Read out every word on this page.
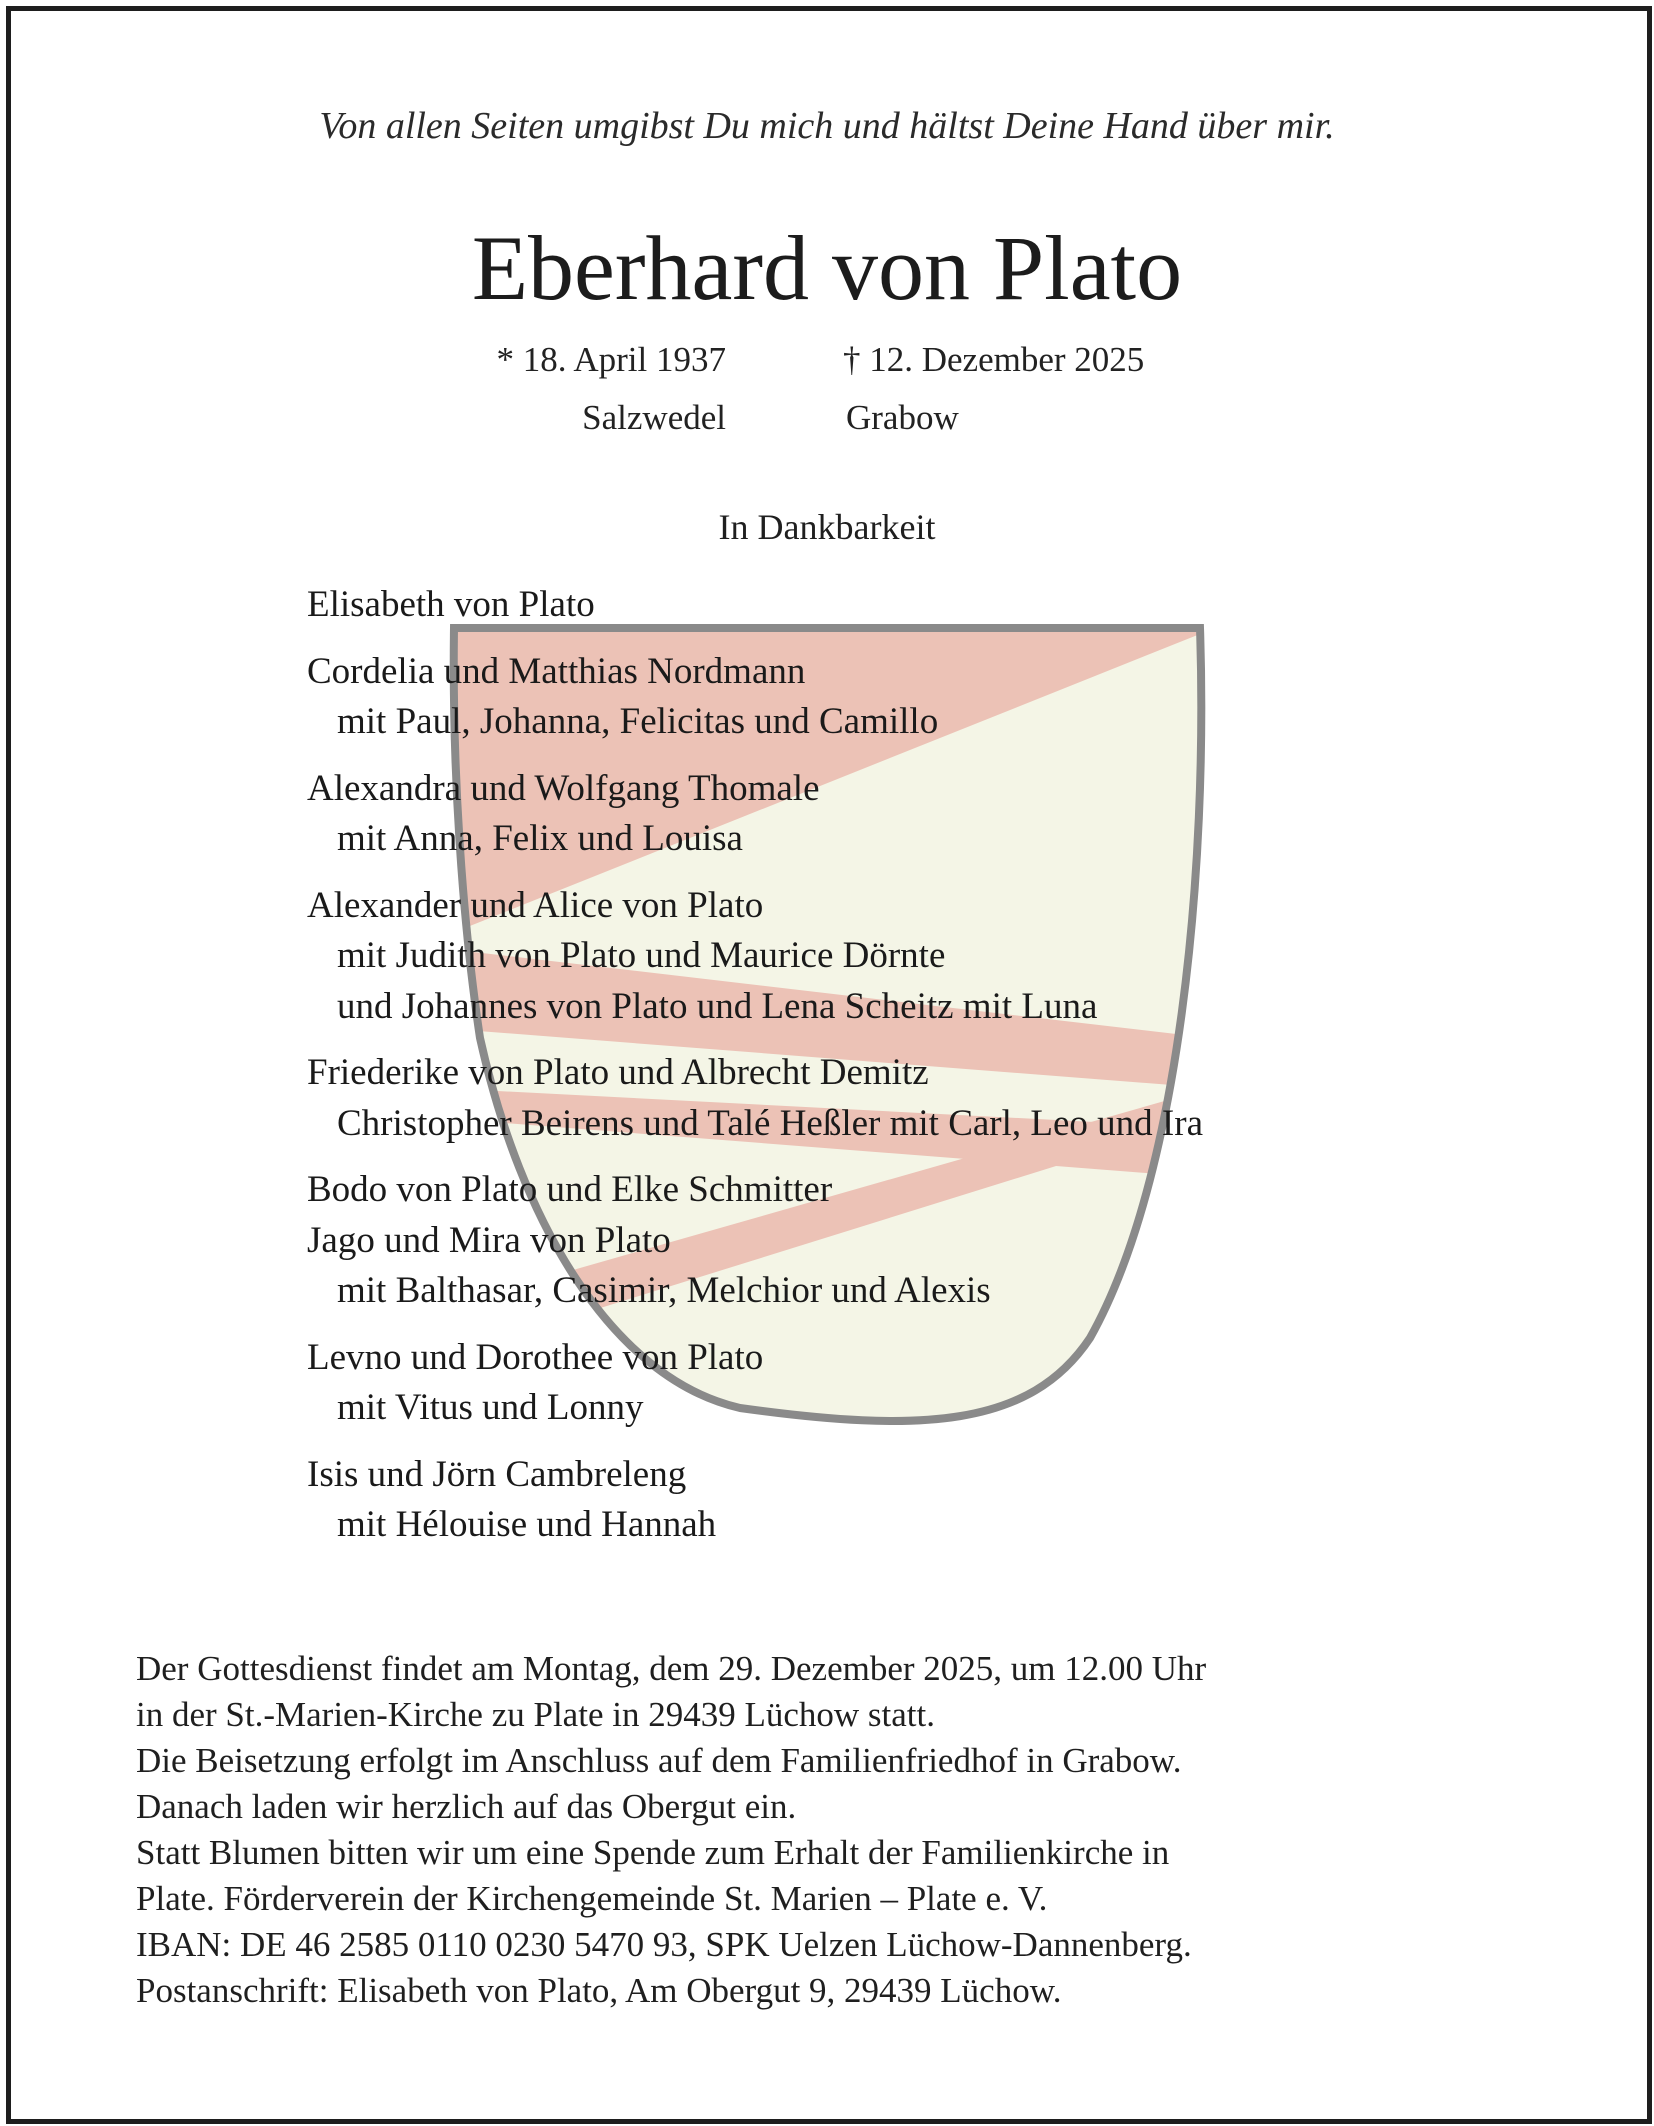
Von allen Seiten umgibst Du mich und hältst Deine Hand über mir.
Eberhard von Plato
* 18. April 1937
Salzwedel
† 12. Dezember 2025
Grabow
In Dankbarkeit
Elisabeth von Plato
Cordelia und Matthias Nordmann
mit Paul, Johanna, Felicitas und Camillo
Alexandra und Wolfgang Thomale
mit Anna, Felix und Louisa
Alexander und Alice von Plato
mit Judith von Plato und Maurice Dörnte
und Johannes von Plato und Lena Scheitz mit Luna
Friederike von Plato und Albrecht Demitz
Christopher Beirens und Talé Heßler mit Carl, Leo und Ira
Bodo von Plato und Elke Schmitter
Jago und Mira von Plato
mit Balthasar, Casimir, Melchior und Alexis
Levno und Dorothee von Plato
mit Vitus und Lonny
Isis und Jörn Cambreleng
mit Hélouise und Hannah
Der Gottesdienst findet am Montag, dem 29. Dezember 2025, um 12.00 Uhr
in der St.-Marien-Kirche zu Plate in 29439 Lüchow statt.
Die Beisetzung erfolgt im Anschluss auf dem Familienfriedhof in Grabow.
Danach laden wir herzlich auf das Obergut ein.
Statt Blumen bitten wir um eine Spende zum Erhalt der Familienkirche in
Plate. Förderverein der Kirchengemeinde St. Marien – Plate e. V.
IBAN: DE 46 2585 0110 0230 5470 93, SPK Uelzen Lüchow-Dannenberg.
Postanschrift: Elisabeth von Plato, Am Obergut 9, 29439 Lüchow.
